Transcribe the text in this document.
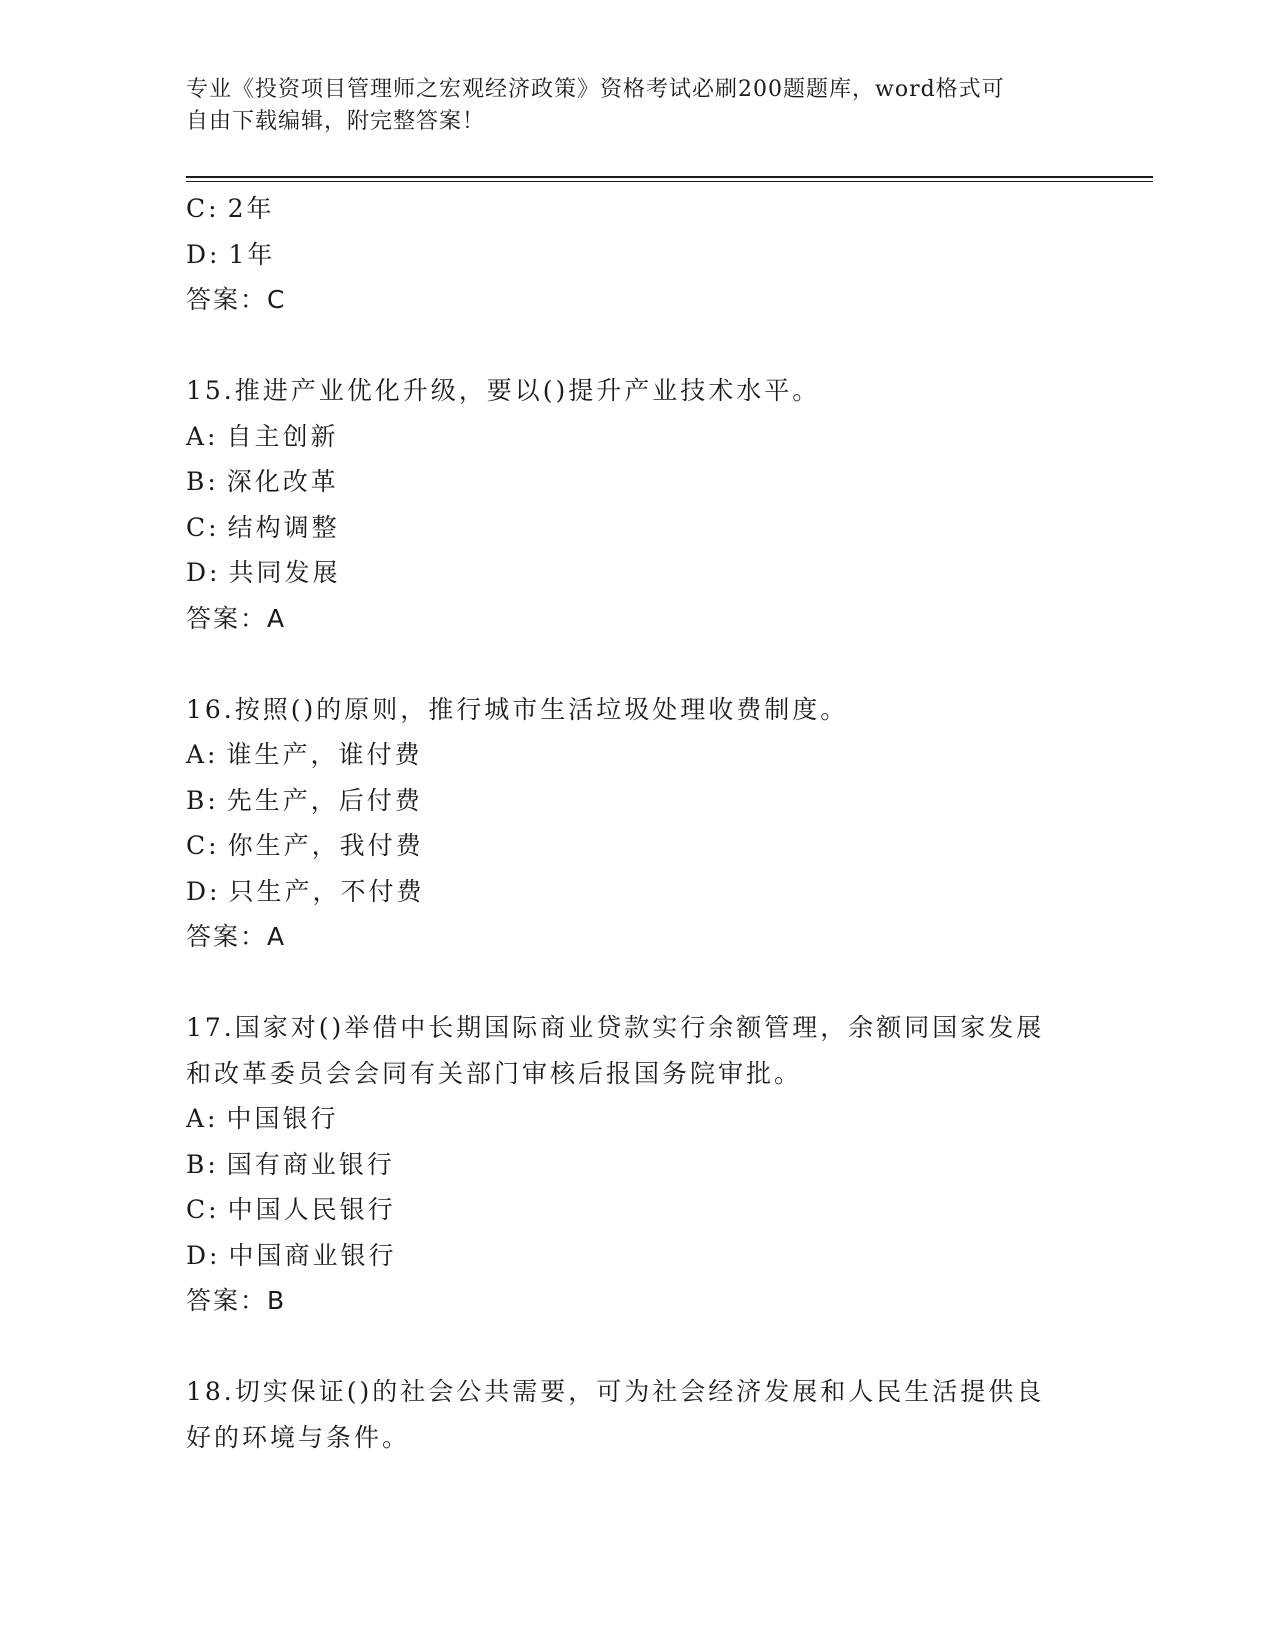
专业《投资项目管理师之宏观经济政策》资格考试必刷200题题库，word格式可
自由下载编辑，附完整答案！
C: 2年
D: 1年
答案：C
15.推进产业优化升级，要以()提升产业技术水平。
A: 自主创新
B: 深化改革
C: 结构调整
D: 共同发展
答案：A
16.按照()的原则，推行城市生活垃圾处理收费制度。
A: 谁生产，谁付费
B: 先生产，后付费
C: 你生产，我付费
D: 只生产，不付费
答案：A
17.国家对()举借中长期国际商业贷款实行余额管理，余额同国家发展
和改革委员会会同有关部门审核后报国务院审批。
A: 中国银行
B: 国有商业银行
C: 中国人民银行
D: 中国商业银行
答案：B
18.切实保证()的社会公共需要，可为社会经济发展和人民生活提供良
好的环境与条件。
